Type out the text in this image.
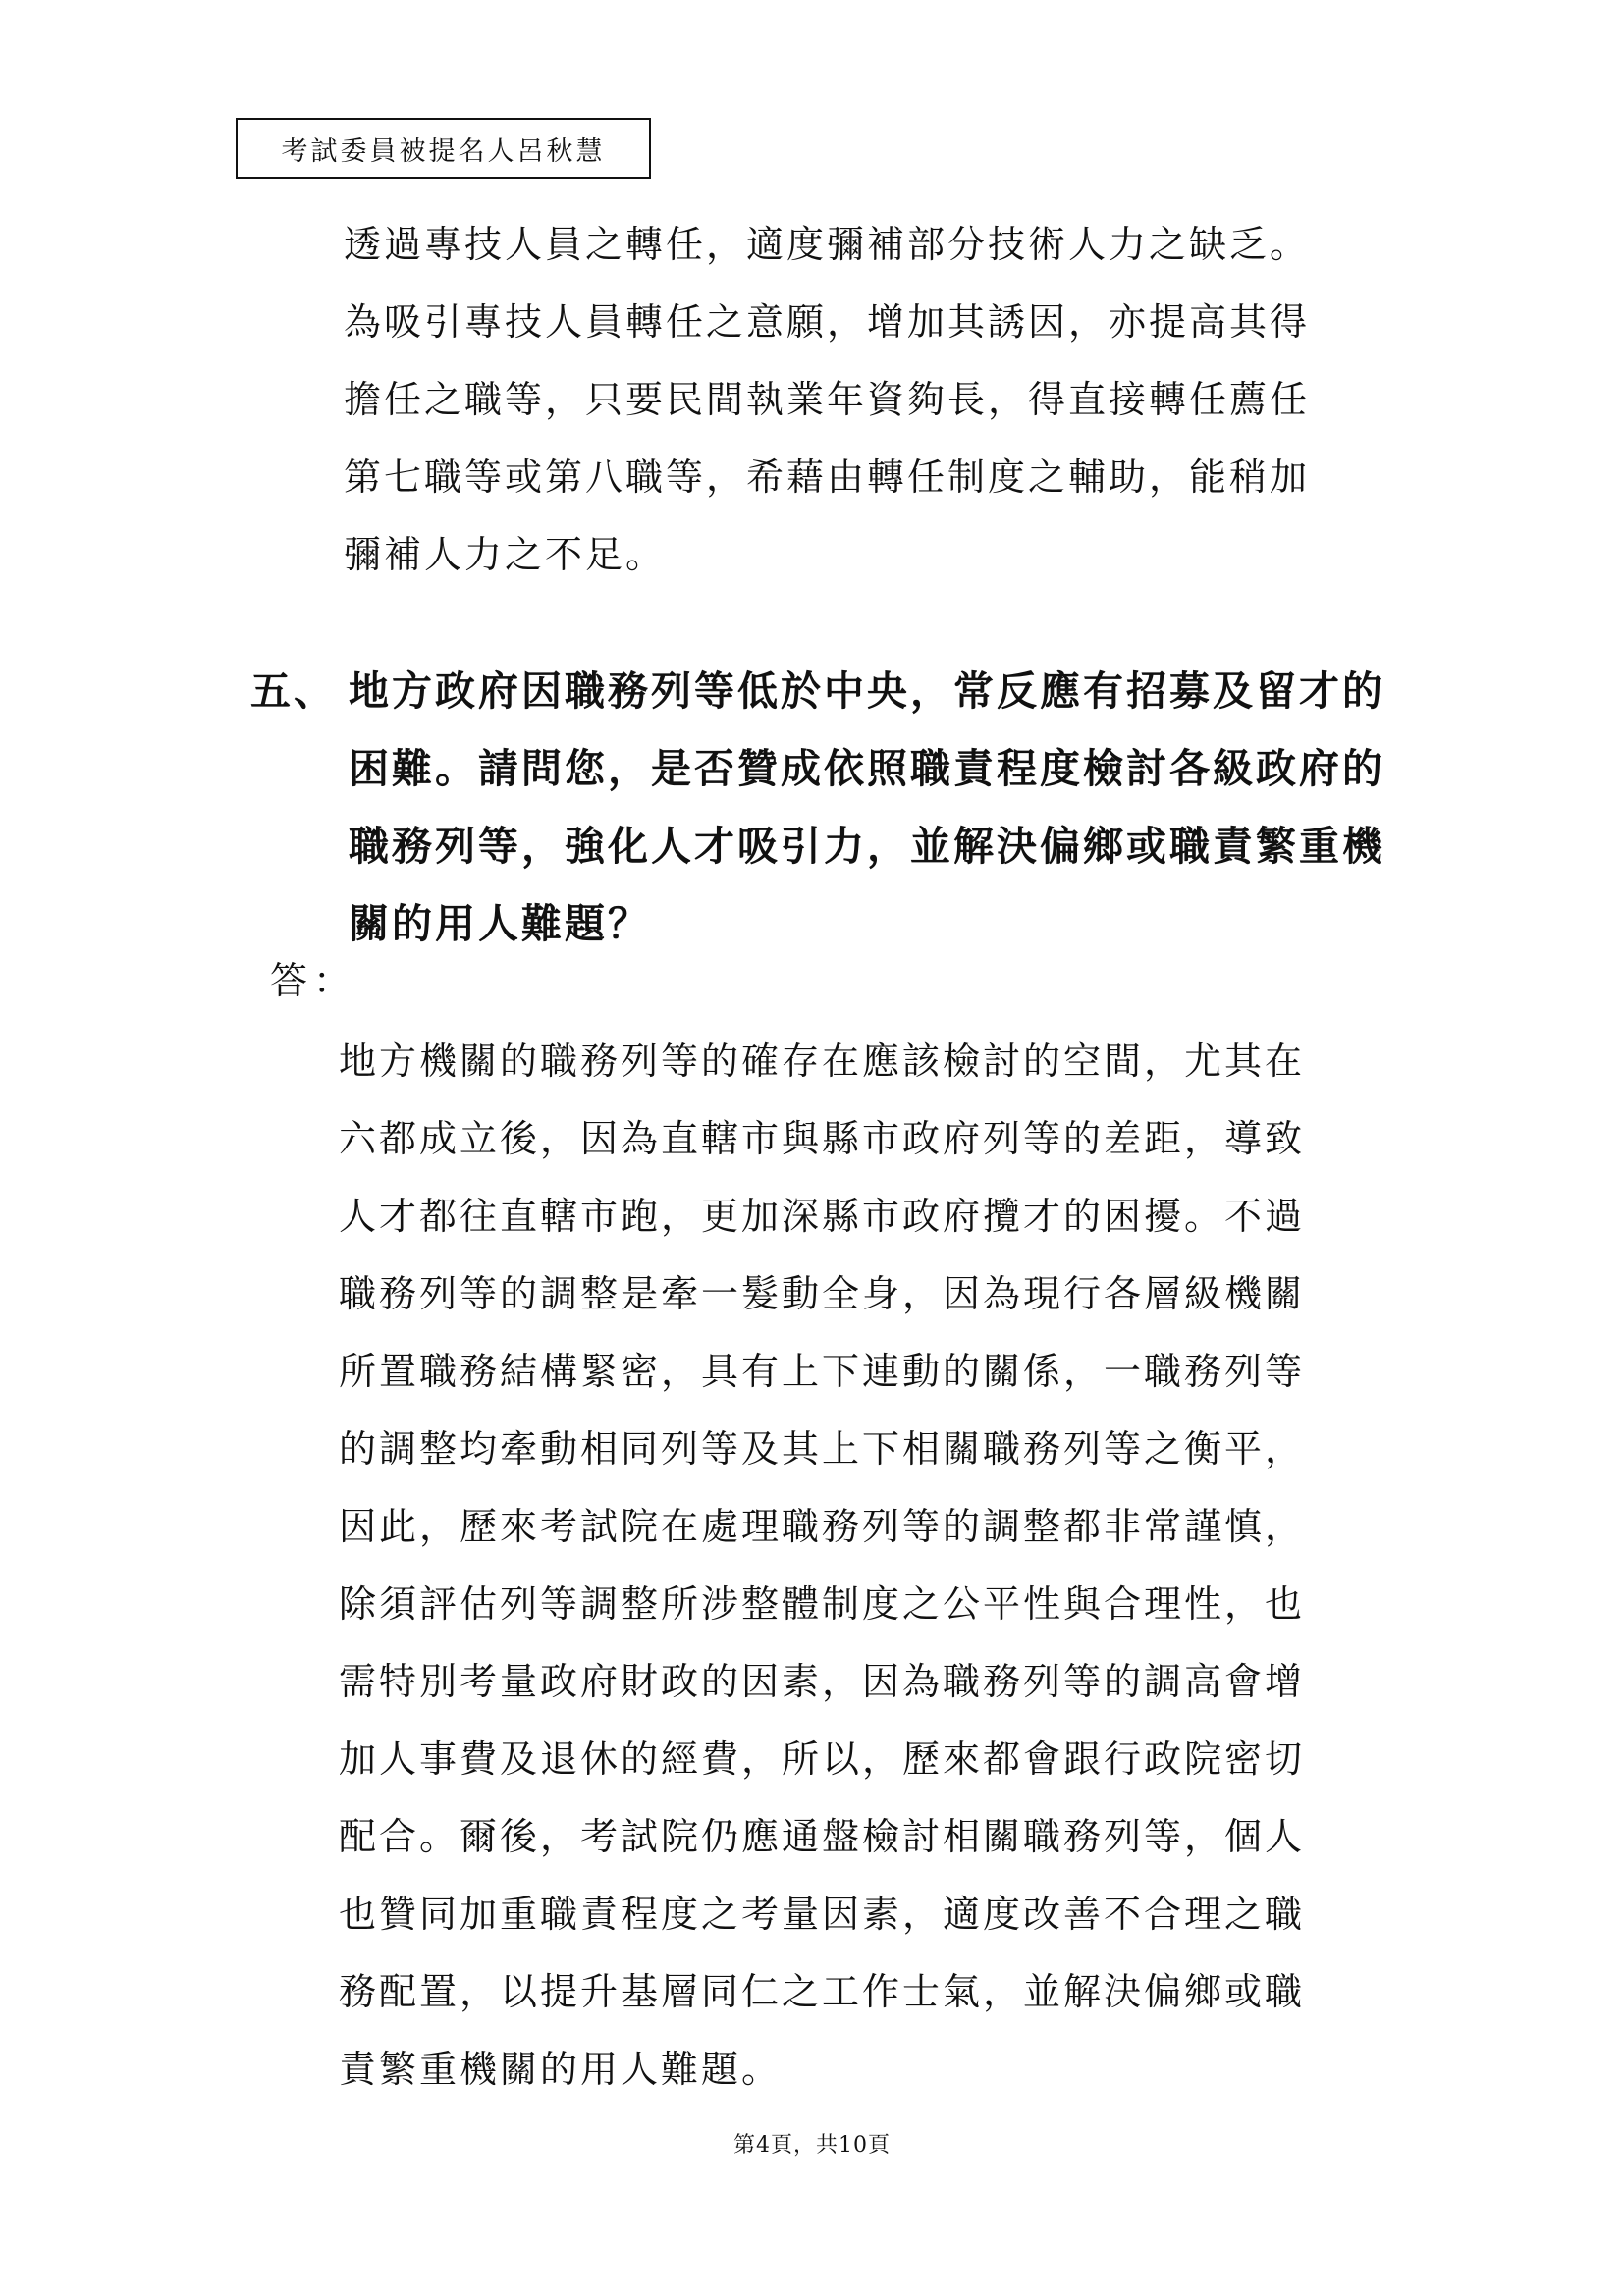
考試委員被提名人呂秋慧
透過專技人員之轉任，適度彌補部分技術人力之缺乏。
為吸引專技人員轉任之意願，增加其誘因，亦提高其得
擔任之職等，只要民間執業年資夠長，得直接轉任薦任
第七職等或第八職等，希藉由轉任制度之輔助，能稍加
彌補人力之不足。
五、 地方政府因職務列等低於中央，常反應有招募及留才的
困難。請問您，是否贊成依照職責程度檢討各級政府的
職務列等，強化人才吸引力，並解決偏鄉或職責繁重機
關的用人難題？
答：
地方機關的職務列等的確存在應該檢討的空間，尤其在
六都成立後，因為直轄市與縣市政府列等的差距，導致
人才都往直轄市跑，更加深縣市政府攬才的困擾。不過
職務列等的調整是牽一髮動全身，因為現行各層級機關
所置職務結構緊密，具有上下連動的關係，一職務列等
的調整均牽動相同列等及其上下相關職務列等之衡平，
因此，歷來考試院在處理職務列等的調整都非常謹慎，
除須評估列等調整所涉整體制度之公平性與合理性，也
需特別考量政府財政的因素，因為職務列等的調高會增
加人事費及退休的經費，所以，歷來都會跟行政院密切
配合。爾後，考試院仍應通盤檢討相關職務列等，個人
也贊同加重職責程度之考量因素，適度改善不合理之職
務配置，以提升基層同仁之工作士氣，並解決偏鄉或職
責繁重機關的用人難題。
第4頁，共10頁
